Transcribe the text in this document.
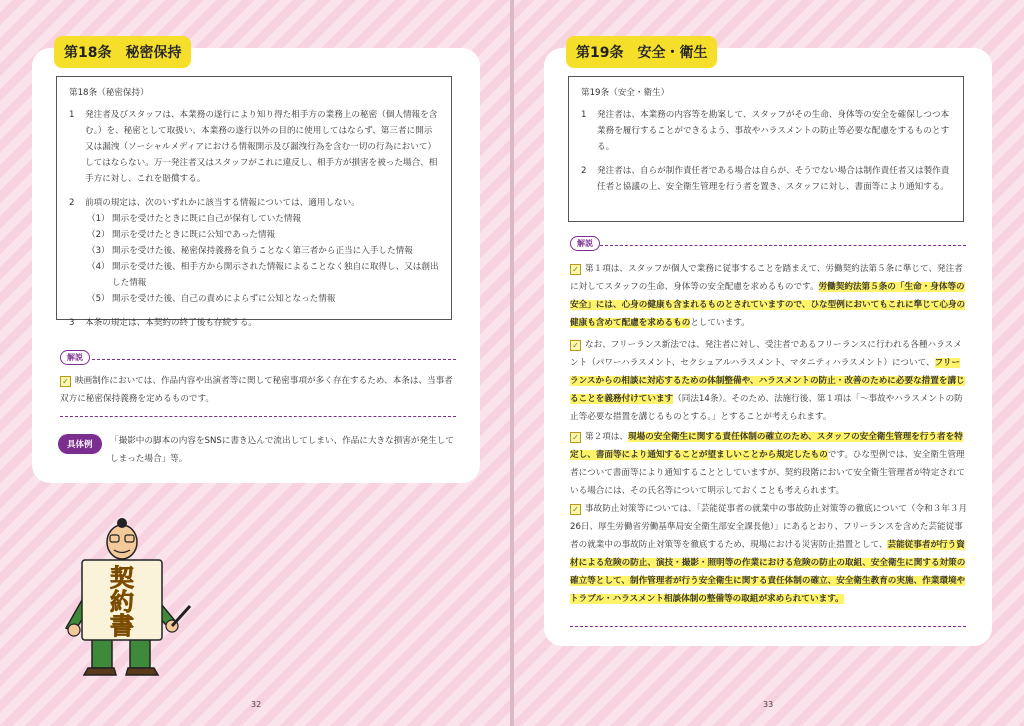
第18条　秘密保持
第18条（秘密保持）
1	発注者及びスタッフは、本業務の遂行により知り得た相手方の業務上の秘密（個人情報を含む。）を、秘密として取扱い、本業務の遂行以外の目的に使用してはならず、第三者に開示又は漏洩（ソーシャルメディアにおける情報開示及び漏洩行為を含む一切の行為において）してはならない。万一発注者又はスタッフがこれに違反し、相手方が損害を被った場合、相手方に対し、これを賠償する。
2	前項の規定は、次のいずれかに該当する情報については、適用しない。
（1） 開示を受けたときに既に自己が保有していた情報
（2） 開示を受けたときに既に公知であった情報
（3） 開示を受けた後、秘密保持義務を負うことなく第三者から正当に入手した情報
（4） 開示を受けた後、相手方から開示された情報によることなく独自に取得し、又は創出した情報
（5） 開示を受けた後、自己の責めによらずに公知となった情報
3	本条の規定は、本契約の終了後も存続する。
解説
✓ 映画制作においては、作品内容や出演者等に関して秘密事項が多く存在するため、本条は、当事者双方に秘密保持義務を定めるものです。
具体例	「撮影中の脚本の内容をSNSに書き込んで流出してしまい、作品に大きな損害が発生してしまった場合」等。
契
約
書
32
第19条　安全・衛生
第19条（安全・衛生）
1	発注者は、本業務の内容等を勘案して、スタッフがその生命、身体等の安全を確保しつつ本業務を履行することができるよう、事故やハラスメントの防止等必要な配慮をするものとする。
2	発注者は、自らが制作責任者である場合は自らが、そうでない場合は制作責任者又は製作責任者と協議の上、安全衛生管理を行う者を置き、スタッフに対し、書面等により通知する。
解説
✓ 第１項は、スタッフが個人で業務に従事することを踏まえて、労働契約法第５条に準じて、発注者に対してスタッフの生命、身体等の安全配慮を求めるものです。労働契約法第５条の「生命・身体等の安全」には、心身の健康も含まれるものとされていますので、ひな型例においてもこれに準じて心身の健康も含めて配慮を求めるものとしています。
✓ なお、フリーランス新法では、発注者に対し、受注者であるフリーランスに行われる各種ハラスメント（パワーハラスメント、セクシュアルハラスメント、マタニティハラスメント）について、フリーランスからの相談に対応するための体制整備や、ハラスメントの防止・改善のために必要な措置を講じることを義務付けています（同法14条）。そのため、法施行後、第１項は「～事故やハラスメントの防止等必要な措置を講じるものとする。」とすることが考えられます。
✓ 第２項は、現場の安全衛生に関する責任体制の確立のため、スタッフの安全衛生管理を行う者を特定し、書面等により通知することが望ましいことから規定したものです。ひな型例では、安全衛生管理者について書面等により通知することとしていますが、契約段階において安全衛生管理者が特定されている場合には、その氏名等について明示しておくことも考えられます。
✓ 事故防止対策等については、「芸能従事者の就業中の事故防止対策等の徹底について（令和３年３月26日、厚生労働省労働基準局安全衛生部安全課長他）」にあるとおり、フリーランスを含めた芸能従事者の就業中の事故防止対策等を徹底するため、現場における災害防止措置として、芸能従事者が行う資材による危険の防止、演技・撮影・照明等の作業における危険の防止の取組、安全衛生に関する対策の確立等として、制作管理者が行う安全衛生に関する責任体制の確立、安全衛生教育の実施、作業環境やトラブル・ハラスメント相談体制の整備等の取組が求められています。
33
